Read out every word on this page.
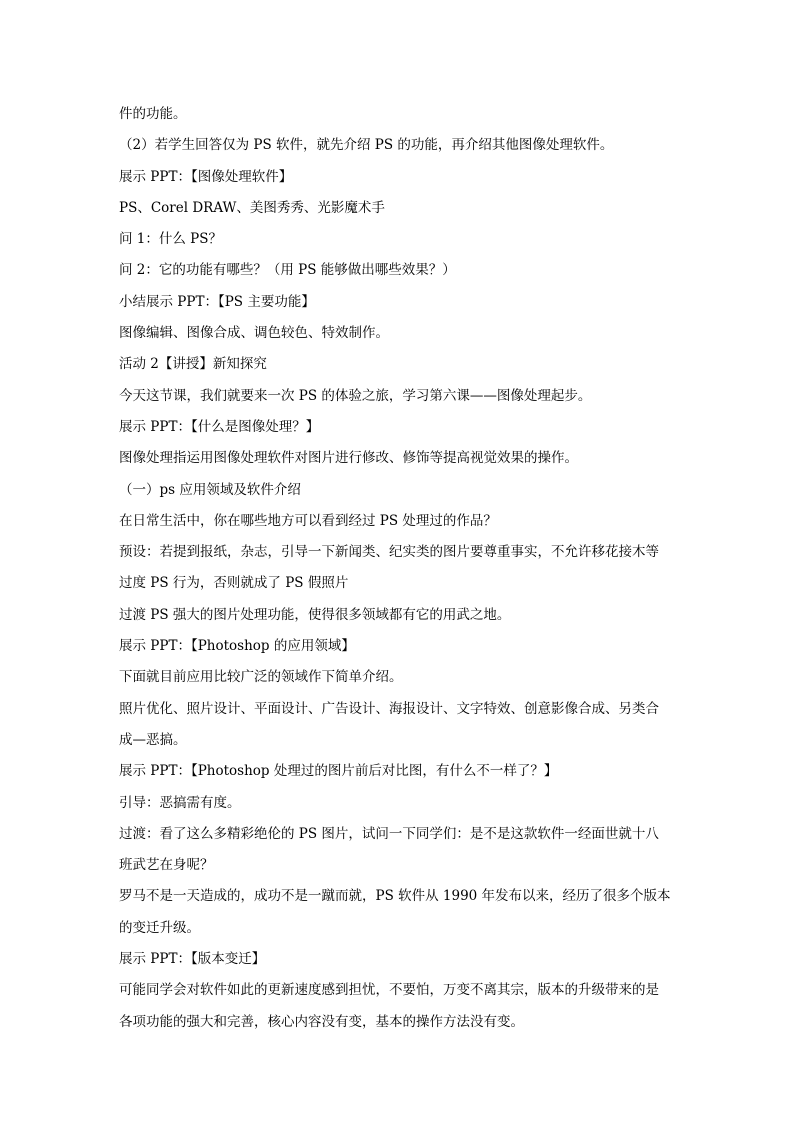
件的功能。
（2）若学生回答仅为 PS 软件，就先介绍 PS 的功能，再介绍其他图像处理软件。
展示 PPT：【图像处理软件】
PS、Corel DRAW、美图秀秀、光影魔术手
问 1：什么 PS？
问 2：它的功能有哪些？（用 PS 能够做出哪些效果？）
小结展示 PPT：【PS 主要功能】
图像编辑、图像合成、调色较色、特效制作。
活动 2【讲授】新知探究
今天这节课，我们就要来一次 PS 的体验之旅，学习第六课——图像处理起步。
展示 PPT：【什么是图像处理？】
图像处理指运用图像处理软件对图片进行修改、修饰等提高视觉效果的操作。
（一）ps 应用领域及软件介绍
在日常生活中，你在哪些地方可以看到经过 PS 处理过的作品？
预设：若提到报纸，杂志，引导一下新闻类、纪实类的图片要尊重事实，不允许移花接木等
过度 PS 行为，否则就成了 PS 假照片
过渡 PS 强大的图片处理功能，使得很多领域都有它的用武之地。
展示 PPT：【Photoshop 的应用领域】
下面就目前应用比较广泛的领域作下简单介绍。
照片优化、照片设计、平面设计、广告设计、海报设计、文字特效、创意影像合成、另类合
成—恶搞。
展示 PPT：【Photoshop 处理过的图片前后对比图，有什么不一样了？】
引导：恶搞需有度。
过渡：看了这么多精彩绝伦的 PS 图片，试问一下同学们：是不是这款软件一经面世就十八
班武艺在身呢？
罗马不是一天造成的，成功不是一蹴而就，PS 软件从 1990 年发布以来，经历了很多个版本
的变迁升级。
展示 PPT：【版本变迁】
可能同学会对软件如此的更新速度感到担忧，不要怕，万变不离其宗，版本的升级带来的是
各项功能的强大和完善，核心内容没有变，基本的操作方法没有变。
